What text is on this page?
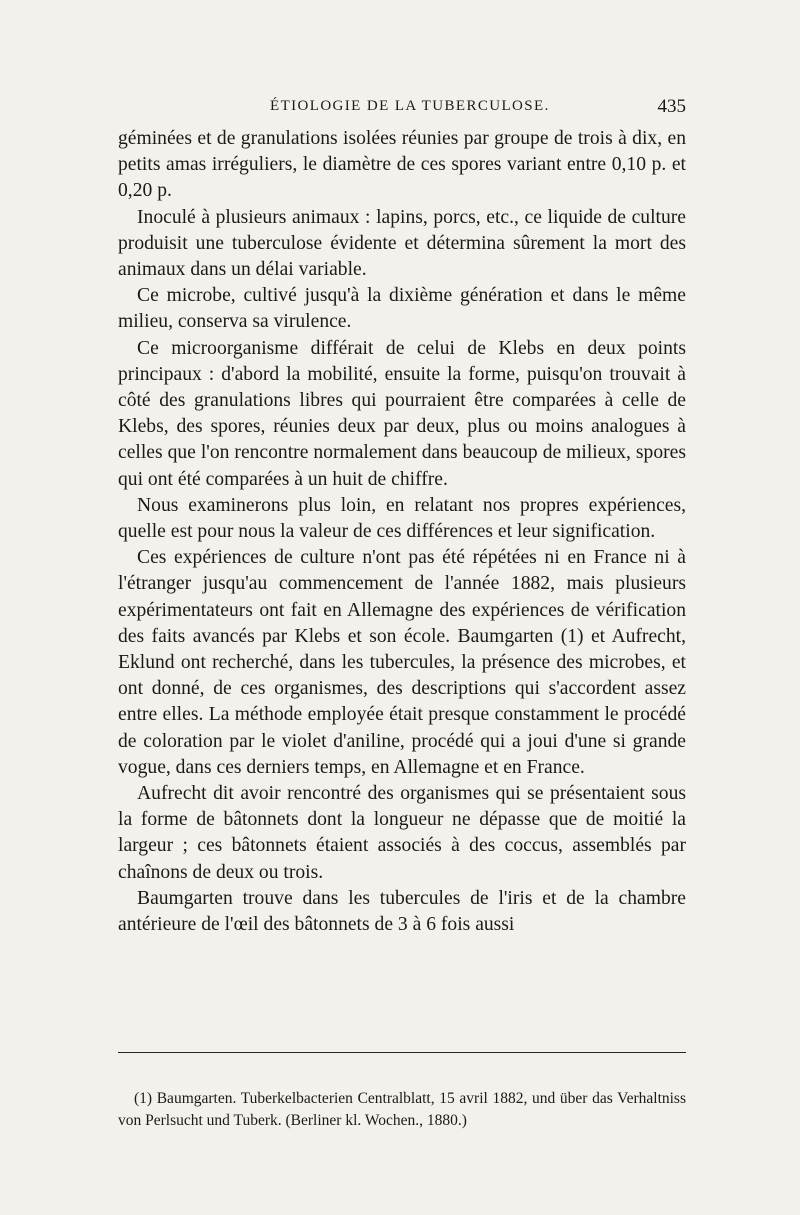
ÉTIOLOGIE DE LA TUBERCULOSE.	435

géminées et de granulations isolées réunies par groupe de trois à dix, en petits amas irréguliers, le diamètre de ces spores variant entre 0,10 p. et 0,20 p.

Inoculé à plusieurs animaux : lapins, porcs, etc., ce liquide de culture produisit une tuberculose évidente et détermina sûrement la mort des animaux dans un délai variable.

Ce microbe, cultivé jusqu'à la dixième génération et dans le même milieu, conserva sa virulence.

Ce microorganisme différait de celui de Klebs en deux points principaux : d'abord la mobilité, ensuite la forme, puisqu'on trouvait à côté des granulations libres qui pourraient être comparées à celle de Klebs, des spores, réunies deux par deux, plus ou moins analogues à celles que l'on rencontre normalement dans beaucoup de milieux, spores qui ont été comparées à un huit de chiffre.

Nous examinerons plus loin, en relatant nos propres expériences, quelle est pour nous la valeur de ces différences et leur signification.

Ces expériences de culture n'ont pas été répétées ni en France ni à l'étranger jusqu'au commencement de l'année 1882, mais plusieurs expérimentateurs ont fait en Allemagne des expériences de vérification des faits avancés par Klebs et son école. Baumgarten (1) et Aufrecht, Eklund ont recherché, dans les tubercules, la présence des microbes, et ont donné, de ces organismes, des descriptions qui s'accordent assez entre elles. La méthode employée était presque constamment le procédé de coloration par le violet d'aniline, procédé qui a joui d'une si grande vogue, dans ces derniers temps, en Allemagne et en France.

Aufrecht dit avoir rencontré des organismes qui se présentaient sous la forme de bâtonnets dont la longueur ne dépasse que de moitié la largeur ; ces bâtonnets étaient associés à des coccus, assemblés par chaînons de deux ou trois.

Baumgarten trouve dans les tubercules de l'iris et de la chambre antérieure de l'œil des bâtonnets de 3 à 6 fois aussi

(1) Baumgarten. Tuberkelbacterien Centralblatt, 15 avril 1882, und über das Verhaltniss von Perlsucht und Tuberk. (Berliner kl. Wochen., 1880.)
